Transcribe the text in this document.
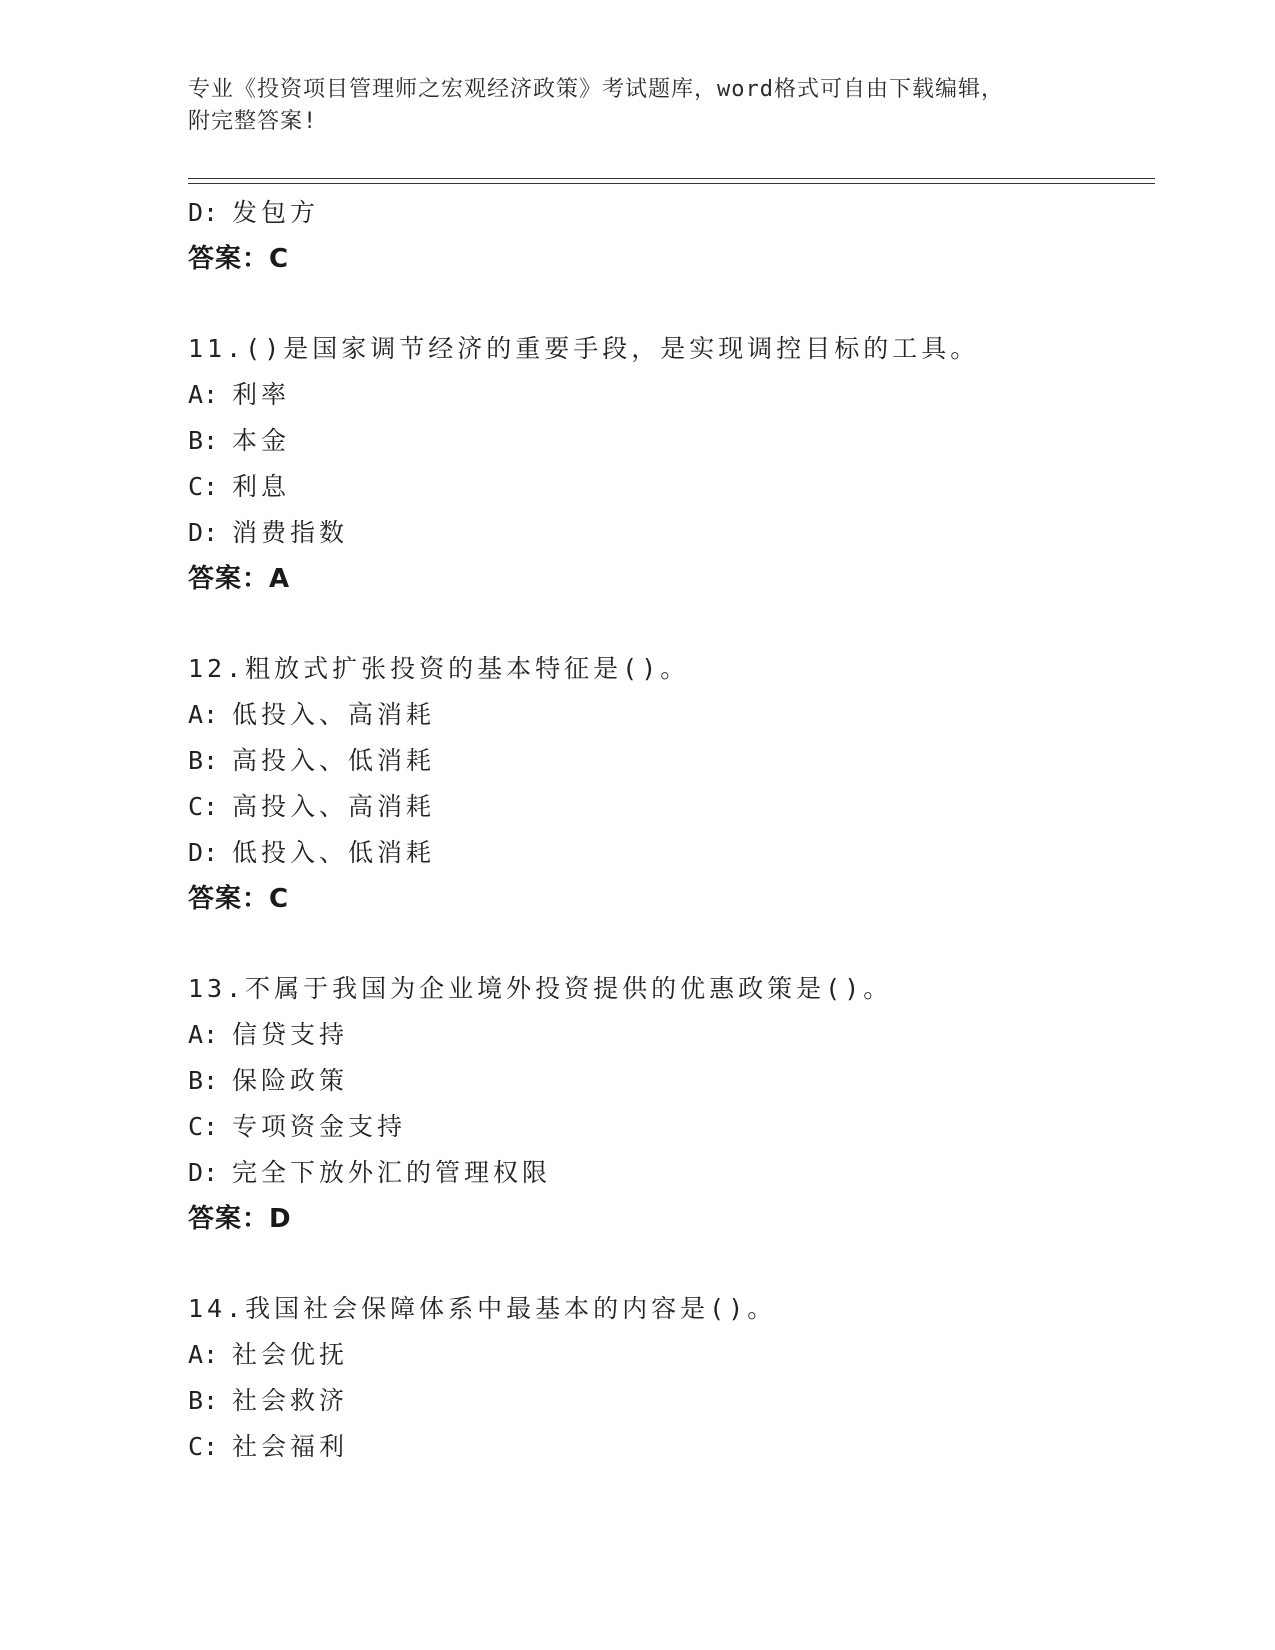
专业《投资项目管理师之宏观经济政策》考试题库，word格式可自由下载编辑，
附完整答案!
D: 发包方
答案：C
11.()是国家调节经济的重要手段，是实现调控目标的工具。
A: 利率
B: 本金
C: 利息
D: 消费指数
答案：A
12.粗放式扩张投资的基本特征是()。
A: 低投入、高消耗
B: 高投入、低消耗
C: 高投入、高消耗
D: 低投入、低消耗
答案：C
13.不属于我国为企业境外投资提供的优惠政策是()。
A: 信贷支持
B: 保险政策
C: 专项资金支持
D: 完全下放外汇的管理权限
答案：D
14.我国社会保障体系中最基本的内容是()。
A: 社会优抚
B: 社会救济
C: 社会福利
